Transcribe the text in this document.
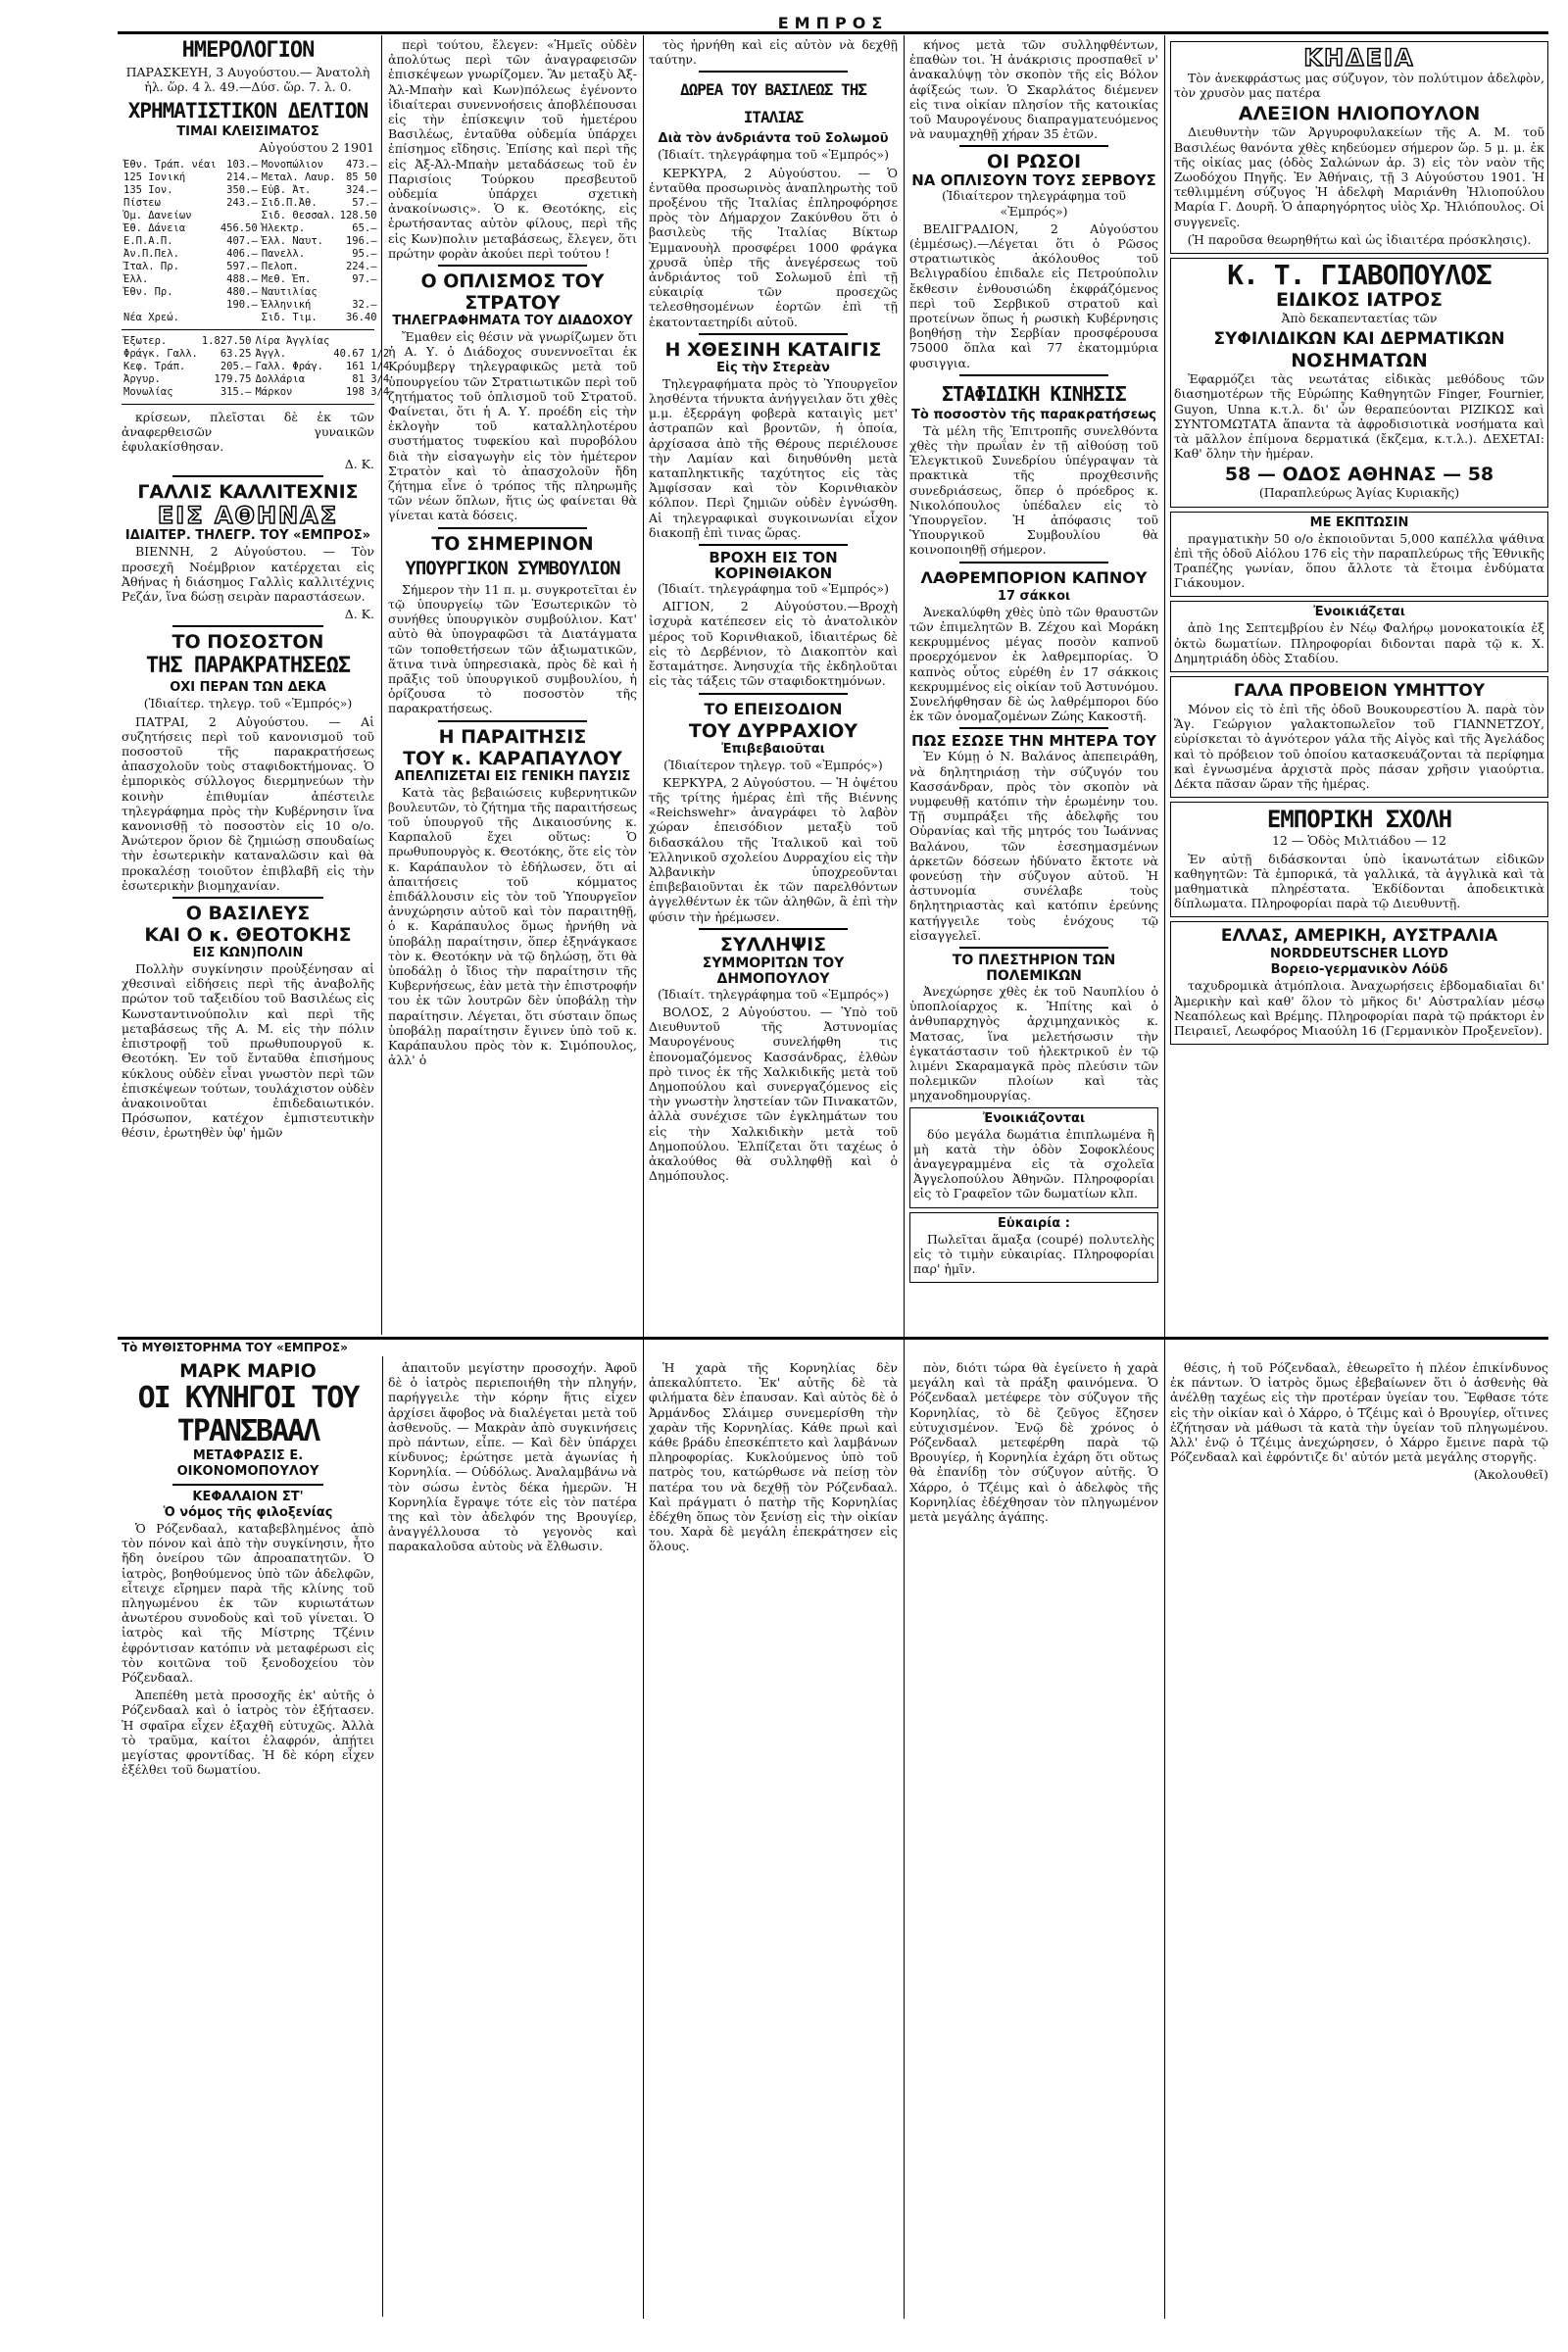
ΕΜΠΡΟΣ
ΗΜΕΡΟΛΟΓΙΟΝ

ΠΑΡΑΣΚΕΥΗ, 3 Αυγούστου.— Ἀνατολὴ ἡλ. ὥρ. 4 λ. 49.—Δύσ. ὥρ. 7. λ. 0.

ΧΡΗΜΑΤΙΣΤΙΚΟΝ ΔΕΛΤΙΟΝ
ΤΙΜΑΙ ΚΛΕΙΣΙΜΑΤΟΣ

Αὐγούστου 2 1901

Ἐθν. Τράπ. νέαι	103.—	Μονοπώλιον	473.—
125 Ιονική	214.—	Μεταλ. Λαυρ.	85 50
135 Ιον.	350.—	Εὐβ. Ἀτ.	324.—
Πίστεω	243.—	Σιδ.Π.Ἀθ.	57.—
Ὁμ. Δανείων		Σιδ. Θεσσαλ.	128.50
Ἐθ. Δάνεια	456.50	Ἠλεκτρ.	65.—
Ε.Π.Α.Π.	407.—	Ἐλλ. Ναυτ.	196.—
Ἀν.Π.Πελ.	406.—	Πανελλ.	95.—
Ἰταλ. Πρ.	597.—	Πελοπ.	224.—
Ἐλλ.	488.—	Μεθ. Ἐπ.	97.—
Ἐθν. Πρ.	480.—	Ναυτιλίας	
	190.—	Ἐλληνική	32.—
Νέα Χρεώ.		Σιδ. Τιμ.	36.40
Ἐξωτερ.	1.827.50	Λίρα Ἀγγλίας	
Φράγκ. Γαλλ.	63.25	Ἀγγλ.	40.67 1/2
Κεφ. Τράπ.	205.—	Γαλλ. Φράγ.	161 1/4
Ἀργυρ.	179.75	Δολλάρια	81 3/4
Μονωλίας	315.—	Μάρκον	198 3/4

κρίσεων, πλεῖσται δὲ ἐκ τῶν ἀναφερθεισῶν γυναικῶν ἐφυλακίσθησαν.

Δ. Κ.

ΓΑΛΛΙΣ ΚΑΛΛΙΤΕΧΝΙΣ
ΕΙΣ ΑΘΗΝΑΣ
ΙΔΙΑΙΤΕΡ. ΤΗΛΕΓΡ. ΤΟΥ «ΕΜΠΡΟΣ»

ΒΙΕΝΝΗ, 2 Αὐγούστου. — Τὸν προσεχῆ Νοέμβριον κατέρχεται εἰς Ἀθήνας ἡ διάσημος Γαλλὶς καλλιτέχνις Ρεζάν, ἵνα δώσῃ σειρὰν παραστάσεων.

Δ. Κ.

ΤΟ ΠΟΣΟΣΤΟΝ
ΤΗΣ ΠΑΡΑΚΡΑΤΗΣΕΩΣ
ΟΧΙ ΠΕΡΑΝ ΤΩΝ ΔΕΚΑ

(Ἰδιαίτερ. τηλεγρ. τοῦ «Ἐμπρός»)

ΠΑΤΡΑΙ, 2 Αὐγούστου. — Αἱ συζητήσεις περὶ τοῦ κανονισμοῦ τοῦ ποσοστοῦ τῆς παρακρατήσεως ἀπασχολοῦν τοὺς σταφιδοκτήμονας. Ὁ ἐμπορικὸς σύλλογος διερμηνεύων τὴν κοινὴν ἐπιθυμίαν ἀπέστειλε τηλεγράφημα πρὸς τὴν Κυβέρνησιν ἵνα κανονισθῇ τὸ ποσοστὸν εἰς 10 ο/ο. Ἀνώτερον ὅριον δὲ ζημιώσῃ σπουδαίως τὴν ἐσωτερικὴν καταναλῶσιν καὶ θὰ προκαλέσῃ τοιοῦτον ἐπιβλαβῆ εἰς τὴν ἐσωτερικὴν βιομηχανίαν.

Ο ΒΑΣΙΛΕΥΣ
ΚΑΙ Ο κ. ΘΕΟΤΟΚΗΣ
ΕΙΣ ΚΩΝ)ΠΟΛΙΝ

Πολλὴν συγκίνησιν προὐξένησαν αἱ χθεσιναὶ εἰδήσεις περὶ τῆς ἀναβολῆς πρώτον τοῦ ταξειδίου τοῦ Βασιλέως εἰς Κωνσταντινούπολιν καὶ περὶ τῆς μεταβάσεως τῆς Α. Μ. εἰς τὴν πόλιν ἐπιστροφῇ τοῦ πρωθυπουργοῦ κ. Θεοτόκη. Ἐν τοῦ ἔνταῦθα ἐπισήμους κύκλους οὐδὲν εἶναι γνωστὸν περὶ τῶν ἐπισκέψεων τούτων, τουλάχιστον οὐδὲν ἀνακοινοῦται ἐπιδεδαιωτικόν. Πρόσωπον, κατέχον ἐμπιστευτικὴν θέσιν, ἐρωτηθὲν ὑφ' ἡμῶν

περὶ τούτου, ἔλεγεν: «Ἡμεῖς οὐδὲν ἀπολύτως περὶ τῶν ἀναγραφεισῶν ἐπισκέψεων γνωρίζομεν. Ἂν μεταξὺ Ἀξ-Ἀλ-Μπαὴν καὶ Κων)πόλεως ἐγένοντο ἰδιαίτεραι συνεννοήσεις ἀποβλέπουσαι εἰς τὴν ἐπίσκεψιν τοῦ ἡμετέρου Βασιλέως, ἐνταῦθα οὐδεμία ὑπάρχει ἐπίσημος εἴδησις. Ἐπίσης καὶ περὶ τῆς εἰς Ἀξ-Ἀλ-Μπαὴν μεταδάσεως τοῦ ἐν Παρισίοις Τούρκου πρεσβευτοῦ οὐδεμία ὑπάρχει σχετικὴ ἀνακοίνωσις». Ὁ κ. Θεοτόκης, εἰς ἐρωτήσαντας αὐτὸν φίλους, περὶ τῆς εἰς Κων)πολιν μεταβάσεως, ἔλεγεν, ὅτι πρώτην φορὰν ἀκούει περὶ τούτου !

Ο ΟΠΛΙΣΜΟΣ ΤΟΥ ΣΤΡΑΤΟΥ
ΤΗΛΕΓΡΑΦΗΜΑΤΑ ΤΟΥ ΔΙΑΔΟΧΟΥ

Ἔμαθεν εἰς θέσιν νὰ γνωρίζωμεν ὅτι ἡ Α. Υ. ὁ Διάδοχος συνεννοεῖται ἐκ Κρόυμβεργ τηλεγραφικῶς μετὰ τοῦ ὑπουργείου τῶν Στρατιωτικῶν περὶ τοῦ ζητήματος τοῦ ὁπλισμοῦ τοῦ Στρατοῦ. Φαίνεται, ὅτι ἡ Α. Υ. προέδη εἰς τὴν ἐκλογὴν τοῦ καταλληλοτέρου συστήματος τυφεκίου καὶ πυροβόλου διὰ τὴν εἰσαγωγὴν εἰς τὸν ἡμέτερον Στρατὸν καὶ τὸ ἀπασχολοῦν ἤδη ζήτημα εἶνε ὁ τρόπος τῆς πληρωμῆς τῶν νέων ὅπλων, ἥτις ὡς φαίνεται θὰ γίνεται κατὰ δόσεις.

ΤΟ ΣΗΜΕΡΙΝΟΝ
ΥΠΟΥΡΓΙΚΟΝ ΣΥΜΒΟΥΛΙΟΝ

Σήμερον τὴν 11 π. μ. συγκροτεῖται ἐν τῷ ὑπουργείῳ τῶν Ἐσωτερικῶν τὸ συνήθες ὑπουργικὸν συμβούλιον. Κατ' αὐτὸ θὰ ὑπογραφῶσι τὰ Διατάγματα τῶν τοποθετήσεων τῶν ἀξιωματικῶν, ἅτινα τινὰ ὑπηρεσιακὰ, πρὸς δὲ καὶ ἡ πρᾶξις τοῦ ὑπουργικοῦ συμβουλίου, ἡ ὁρίζουσα τὸ ποσοστὸν τῆς παρακρατήσεως.

Η ΠΑΡΑΙΤΗΣΙΣ
ΤΟΥ κ. ΚΑΡΑΠΑΥΛΟΥ
ΑΠΕΛΠΙΖΕΤΑΙ ΕΙΣ ΓΕΝΙΚΗ ΠΑΥΣΙΣ

Κατὰ τὰς βεβαιώσεις κυβερνητικῶν βουλευτῶν, τὸ ζήτημα τῆς παραιτήσεως τοῦ ὑπουργοῦ τῆς Δικαιοσύνης κ. Καρπαλοῦ ἔχει οὕτως: Ὁ πρωθυπουργὸς κ. Θεοτόκης, ὅτε εἰς τὸν κ. Καράπαυλον τὸ ἐδήλωσεν, ὅτι αἱ ἀπαιτήσεις τοῦ κόμματος ἐπιδάλλουσιν εἰς τὸν τοῦ Ὑπουργεῖον ἀνυχώρησιν αὐτοῦ καὶ τὸν παραιτηθῇ, ὁ κ. Καράπαυλος ὅμως ἠρνήθη νὰ ὑποβάλῃ παραίτησιν, ὅπερ ἐξηνάγκασε τὸν κ. Θεοτόκην νὰ τῷ δηλώσῃ, ὅτι θὰ ὑποδάλῃ ὁ ἴδιος τὴν παραίτησιν τῆς Κυβερνήσεως, ἐὰν μετὰ τὴν ἐπιστροφήν του ἐκ τῶν λουτρῶν δὲν ὑποβάλῃ τὴν παραίτησιν. Λέγεται, ὅτι σύσταιν ὅπως ὑποβάλῃ παραίτησιν ἔγινεν ὑπὸ τοῦ κ. Καράπαυλου πρὸς τὸν κ. Σιμόπουλος, ἀλλ' ὁ

τὸς ἠρνήθη καὶ εἰς αὐτὸν νὰ δεχθῇ ταύτην.

ΔΩΡΕΑ ΤΟΥ ΒΑΣΙΛΕΩΣ ΤΗΣ ΙΤΑΛΙΑΣ
Διὰ τὸν ἀνδριάντα τοῦ Σολωμοῦ

(Ἰδιαίτ. τηλεγράφημα τοῦ «Ἐμπρός»)

ΚΕΡΚΥΡΑ, 2 Αὐγούστου. — Ὁ ἐνταῦθα προσωρινὸς ἀναπληρωτὴς τοῦ προξένου τῆς Ἰταλίας ἐπληροφόρησε πρὸς τὸν Δήμαρχον Ζακύνθου ὅτι ὁ βασιλεὺς τῆς Ἰταλίας Βίκτωρ Ἐμμανουὴλ προσφέρει 1000 φράγκα χρυσᾶ ὑπὲρ τῆς ἀνεγέρσεως τοῦ ἀνδριάντος τοῦ Σολωμοῦ ἐπὶ τῇ εὐκαιρίᾳ τῶν προσεχῶς τελεσθησομένων ἑορτῶν ἐπὶ τῇ ἑκατονταετηρίδι αὐτοῦ.

Η ΧΘΕΣΙΝΗ ΚΑΤΑΙΓΙΣ
Εἰς τὴν Στερεὰν

Τηλεγραφήματα πρὸς τὸ Ὑπουργεῖον λησθέντα τήνυκτα ἀνήγγειλαν ὅτι χθὲς μ.μ. ἐξερράγη φοβερὰ καταιγὶς μετ' ἀστραπῶν καὶ βροντῶν, ἡ ὁποία, ἀρχίσασα ἀπὸ τῆς Θέρους περιέλουσε τὴν Λαμίαν καὶ διηυθύνθη μετὰ καταπληκτικῆς ταχύτητος εἰς τὰς Ἀμφίσσαν καὶ τὸν Κορινθιακὸν κόλπον. Περὶ ζημιῶν οὐδὲν ἐγνώσθη. Αἱ τηλεγραφικαὶ συγκοινωνίαι εἶχον διακοπῇ ἐπὶ τινας ὥρας.

ΒΡΟΧΗ ΕΙΣ ΤΟΝ ΚΟΡΙΝΘΙΑΚΟΝ

(Ἰδιαίτ. τηλεγράφημα τοῦ «Ἐμπρός»)

ΑΙΓΙΟΝ, 2 Αὐγούστου.—Βροχὴ ἰσχυρὰ κατέπεσεν εἰς τὸ ἀνατολικὸν μέρος τοῦ Κορινθιακοῦ, ἰδιαιτέρως δὲ εἰς τὸ Δερβένιον, τὸ Διακοπτὸν καὶ ἔσταμάτησε. Ἀνησυχία τῆς ἐκδηλοῦται εἰς τὰς τάξεις τῶν σταφιδοκτημόνων.

ΤΟ ΕΠΕΙΣΟΔΙΟΝ
ΤΟΥ ΔΥΡΡΑΧΙΟΥ
Ἐπιβεβαιοῦται

(Ἰδιαίτερον τηλεγρ. τοῦ «Ἐμπρός»)

ΚΕΡΚΥΡΑ, 2 Αὐγούστου. — Ἡ ὀψέτου τῆς τρίτης ἡμέρας ἐπὶ τῆς Βιέννης «Reichswehr» ἀναγράφει τὸ λαβὸν χώραν ἐπεισόδιον μεταξὺ τοῦ διδασκάλου τῆς Ἰταλικοῦ καὶ τοῦ Ἑλληνικοῦ σχολείου Δυρραχίου εἰς τὴν Ἀλβανικὴν ὑποχρεοῦνται ἐπιβεβαιοῦνται ἐκ τῶν παρελθόντων ἀγγελθέντων ἐκ τῶν ἀληθῶν, ἃ ἐπὶ τὴν φύσιν τὴν ἠρέμωσεν.

ΣΥΛΛΗΨΙΣ
ΣΥΜΜΟΡΙΤΩΝ ΤΟΥ ΔΗΜΟΠΟΥΛΟΥ

(Ἰδιαίτ. τηλεγράφημα τοῦ «Ἐμπρός»)

ΒΟΛΟΣ, 2 Αὐγούστου. — Ὑπὸ τοῦ Διευθυντοῦ τῆς Ἀστυνομίας Μαυρογένους συνελήφθη τις ἐπονομαζόμενος Κασσάνδρας, ἐλθὼν πρὸ τινος ἐκ τῆς Χαλκιδικῆς μετὰ τοῦ Δημοπούλου καὶ συνεργαζόμενος εἰς τὴν γνωστὴν ληστείαν τῶν Πινακατῶν, ἀλλὰ συνέχισε τῶν ἐγκλημάτων του εἰς τὴν Χαλκιδικὴν μετὰ τοῦ Δημοπούλου. Ἐλπίζεται ὅτι ταχέως ὁ ἀκαλούθος θὰ συλληφθῇ καὶ ὁ Δημόπουλος.

κήνος μετὰ τῶν συλληφθέντων, ἐπαθὼν τοι. Ἡ ἀνάκρισις προσπαθεῖ ν' ἀνακαλύψῃ τὸν σκοπὸν τῆς εἰς Βόλον ἀφίξεώς των. Ὁ Σκαρλάτος διέμενεν εἰς τινα οἰκίαν πλησίον τῆς κατοικίας τοῦ Μαυρογένους διαπραγματευόμενος νὰ ναυμαχηθῇ χήραν 35 ἐτῶν.

ΟΙ ΡΩΣΟΙ
ΝΑ ΟΠΛΙΣΟΥΝ ΤΟΥΣ ΣΕΡΒΟΥΣ

(Ἰδιαίτερον τηλεγράφημα τοῦ «Ἐμπρός»)

ΒΕΛΙΓΡΑΔΙΟΝ, 2 Αὐγούστου (ἐμμέσως).—Λέγεται ὅτι ὁ Ρῶσος στρατιωτικὸς ἀκόλουθος τοῦ Βελιγραδίου ἐπιδαλε εἰς Πετρούπολιν ἔκθεσιν ἐνθουσιώδη ἐκφράζόμενος περὶ τοῦ Σερβικοῦ στρατοῦ καὶ προτείνων ὅπως ἡ ρωσικὴ Κυβέρνησις βοηθήσῃ τὴν Σερβίαν προσφέρουσα 75000 ὅπλα καὶ 77 ἑκατομμύρια φυσιγγια.

ΣΤΑΦΙΔΙΚΗ ΚΙΝΗΣΙΣ
Τὸ ποσοστὸν τῆς παρακρατήσεως

Τὰ μέλη τῆς Ἐπιτροπῆς συνελθόντα χθὲς τὴν πρωΐαν ἐν τῇ αἰθούσῃ τοῦ Ἐλεγκτικοῦ Συνεδρίου ὑπέγραψαν τὰ πρακτικὰ τῆς προχθεσινῆς συνεδριάσεως, ὅπερ ὁ πρόεδρος κ. Νικολόπουλος ὑπέδαλεν εἰς τὸ Ὑπουργεῖον. Ἡ ἀπόφασις τοῦ Ὑπουργικοῦ Συμβουλίου θὰ κοινοποιηθῇ σήμερον.

ΛΑΘΡΕΜΠΟΡΙΟΝ ΚΑΠΝΟΥ
17 σάκκοι

Ἀνεκαλύφθη χθὲς ὑπὸ τῶν θραυστῶν τῶν ἐπιμελητῶν Β. Ζέχου καὶ Μοράκη κεκρυμμένος μέγας ποσὸν καπνοῦ προερχόμενον ἐκ λαθρεμπορίας. Ὁ καπνὸς οὗτος εὑρέθη ἐν 17 σάκκοις κεκρυμμένος εἰς οἰκίαν τοῦ Ἀστυνόμου. Συνελήφθησαν δὲ ὡς λαθρέμποροι δύο ἐκ τῶν ὀνομαζομένων Ζώης Κακοστῆ.

ΠΩΣ ΕΣΩΣΕ ΤΗΝ ΜΗΤΕΡΑ ΤΟΥ

Ἐν Κύμῃ ὁ Ν. Βαλάνος ἀπεπειράθη, νὰ δηλητηριάσῃ τὴν σύζυγόν του Κασσάνδραν, πρὸς τὸν σκοπὸν νὰ νυμφευθῇ κατόπιν τὴν ἐρωμένην του. Τῇ συμπράξει τῆς ἀδελφῆς του Οὐρανίας καὶ τῆς μητρός του Ἰωάννας Βαλάνου, τῶν ἐσεσημασμένων ἀρκετῶν δόσεων ἠδύνατο ἔκτοτε νὰ φονεύσῃ τὴν σύζυγον αὐτοῦ. Ἡ ἀστυνομία συνέλαβε τοὺς δηλητηριαστὰς καὶ κατόπιν ἐρεύνης κατήγγειλε τοὺς ἐνόχους τῷ εἰσαγγελεῖ.

ΤΟ ΠΛΕΣΤΗΡΙΟΝ ΤΩΝ ΠΟΛΕΜΙΚΩΝ

Ἀνεχώρησε χθὲς ἐκ τοῦ Ναυπλίου ὁ ὑποπλοίαρχος κ. Ἡπίτης καὶ ὁ ἀνθυπαρχηγὸς ἀρχιμηχανικὸς κ. Ματσας, ἵνα μελετήσωσιν τὴν ἐγκατάστασιν τοῦ ἠλεκτρικοῦ ἐν τῷ λιμένι Σκαραμαγκᾶ πρὸς πλεύσιν τῶν πολεμικῶν πλοίων καὶ τὰς μηχανοδημουργίας.

Ἐνοικιάζονται

δύο μεγάλα δωμάτια ἐπιπλωμένα ἢ μὴ κατὰ τὴν ὁδὸν Σοφοκλέους ἀναγεγραμμένα εἰς τὰ σχολεῖα Ἀγγελοπούλου Ἀθηνῶν. Πληροφορίαι εἰς τὸ Γραφεῖον τῶν δωματίων κλπ.

Εὐκαιρία :

Πωλεῖται ἅμαξα (coupé) πολυτελὴς εἰς τὸ τιμὴν εὐκαιρίας. Πληροφορίαι παρ' ἡμῖν.

ΚΗΔΕΙΑ

Τὸν ἀνεκφράστως μας σύζυγον, τὸν πολύτιμον ἀδελφὸν, τὸν χρυσὸν μας πατέρα

ΑΛΕΞΙΟΝ ΗΛΙΟΠΟΥΛΟΝ

Διευθυντὴν τῶν Ἀργυροφυλακείων τῆς Α. Μ. τοῦ Βασιλέως θανόντα χθὲς κηδεύομεν σήμερον ὥρ. 5 μ. μ. ἐκ τῆς οἰκίας μας (ὁδὸς Σαλώνων ἀρ. 3) εἰς τὸν ναὸν τῆς Ζωοδόχου Πηγῆς. Ἐν Ἀθήναις, τῇ 3 Αὐγούστου 1901. Ἡ τεθλιμμένη σύζυγος Ἡ ἀδελφὴ Μαριάνθη Ἠλιοπούλου Μαρία Γ. Δουρῆ. Ὁ ἀπαρηγόρητος υἱὸς Χρ. Ἠλιόπουλος. Οἱ συγγενεῖς.

(Ἡ παροῦσα θεωρηθήτω καὶ ὡς ἰδιαιτέρα πρόσκλησις).

Κ. Τ. ΓΙΑΒΟΠΟΥΛΟΣ
ΕΙΔΙΚΟΣ ΙΑΤΡΟΣ

Ἀπὸ δεκαπενταετίας τῶν

ΣΥΦΙΛΙΔΙΚΩΝ ΚΑΙ ΔΕΡΜΑΤΙΚΩΝ
ΝΟΣΗΜΑΤΩΝ

Ἐφαρμόζει τὰς νεωτάτας εἰδικὰς μεθόδους τῶν διασημοτέρων τῆς Εὐρώπης Καθηγητῶν Finger, Fournier, Guyon, Unna κ.τ.λ. δι' ὧν θεραπεύονται ΡΙΖΙΚΩΣ καὶ ΣΥΝΤΟΜΩΤΑΤΑ ἅπαντα τὰ ἀφροδισιοτικὰ νοσήματα καὶ τὰ μᾶλλον ἐπίμονα δερματικά (ἔκζεμα, κ.τ.λ.). ΔΕΧΕΤΑΙ: Καθ' ὅλην τὴν ἡμέραν.

58 — ΟΔΟΣ ΑΘΗΝΑΣ — 58

(Παραπλεύρως Ἁγίας Κυριακῆς)

ΜΕ ΕΚΠΤΩΣΙΝ

πραγματικὴν 50 ο/ο ἐκποιοῦνται 5,000 καπέλλα ψάθινα ἐπὶ τῆς ὁδοῦ Αἰόλου 176 εἰς τὴν παραπλεύρως τῆς Ἐθνικῆς Τραπέζης γωνίαν, ὅπου ἄλλοτε τὰ ἔτοιμα ἐνδύματα Γιάκουμον.

Ἐνοικιάζεται

ἀπὸ 1ης Σεπτεμβρίου ἐν Νέῳ Φαλήρῳ μονοκατοικία ἐξ ὀκτὼ δωματίων. Πληροφορίαι διδονται παρὰ τῷ κ. Χ. Δημητριάδη ὁδὸς Σταδίου.

ΓΑΛΑ ΠΡΟΒΕΙΟΝ ΥΜΗΤΤΟΥ

Μόνον εἰς τὸ ἐπὶ τῆς ὁδοῦ Βουκουρεστίου Ἀ. παρὰ τὸν Ἅγ. Γεώργιον γαλακτοπωλεῖον τοῦ ΓΙΑΝΝΕΤΖΟΥ, εὑρίσκεται τὸ ἀγνότερον γάλα τῆς Αἰγὸς καὶ τῆς Ἀγελάδος καὶ τὸ πρόβειον τοῦ ὁποίου κατασκευάζονται τὰ περίφημα καὶ ἐγνωσμένα ἀρχιστὰ πρὸς πάσαν χρῆσιν γιαούρτια. Δέκτα πᾶσαν ὥραν τῆς ἡμέρας.

ΕΜΠΟΡΙΚΗ ΣΧΟΛΗ

12 — Ὁδὸς Μιλτιάδου — 12

Ἐν αὐτῇ διδάσκονται ὑπὸ ἱκανωτάτων εἰδικῶν καθηγητῶν: Τὰ ἐμπορικά, τὰ γαλλικά, τὰ ἀγγλικὰ καὶ τὰ μαθηματικὰ πληρέστατα. Ἐκδίδονται ἀποδεικτικὰ δίπλωματα. Πληροφορίαι παρὰ τῷ Διευθυντῇ.

ΕΛΛΑΣ, ΑΜΕΡΙΚΗ, ΑΥΣΤΡΑΛΙΑ
NORDDEUTSCHER LLOYD
Βορειο-γερμανικὸν Λόϋδ

ταχυδρομικὰ ἀτμόπλοια. Ἀναχωρήσεις ἑβδομαδιαῖαι δι' Ἀμερικὴν καὶ καθ' ὅλον τὸ μῆκος δι' Αὐστραλίαν μέσῳ Νεαπόλεως καὶ Βρέμης. Πληροφορίαι παρὰ τῷ πράκτορι ἐν Πειραιεῖ, Λεωφόρος Μιαούλη 16 (Γερμανικὸν Προξενεῖον).

Τὸ ΜΥΘΙΣΤΟΡΗΜΑ ΤΟΥ «ΕΜΠΡΟΣ»
ΜΑΡΚ ΜΑΡΙΟ
ΟΙ ΚΥΝΗΓΟΙ ΤΟΥ ΤΡΑΝΣΒΑΑΛ
ΜΕΤΑΦΡΑΣΙΣ Ε. ΟΙΚΟΝΟΜΟΠΟΥΛΟΥ
ΚΕΦΑΛΑΙΟΝ ΣΤ'
Ὁ νόμος τῆς φιλοξενίας

Ὁ Ρόζενδααλ, καταβεβλημένος ἀπὸ τὸν πόνον καὶ ἀπὸ τὴν συγκίνησιν, ἦτο ἤδη ὀνείρου τῶν ἀπροαπατητῶν. Ὁ ἰατρὸς, βοηθούμενος ὑπὸ τῶν ἀδελφῶν, εἶτειχε εἴρημεν παρὰ τῆς κλίνης τοῦ πληγωμένου ἐκ τῶν κυριωτάτων ἀνωτέρου συνοδοὺς καὶ τοῦ γίνεται. Ὁ ἰατρὸς καὶ τῆς Μίστρης Τζένιν ἐφρόντισαν κατόπιν νὰ μεταφέρωσι εἰς τὸν κοιτῶνα τοῦ ξενοδοχείου τὸν Ρόζενδααλ.

Ἀπεπέθη μετὰ προσοχῆς ἐκ' αὐτῆς ὁ Ρόζενδααλ καὶ ὁ ἰατρὸς τὸν ἐξήτασεν. Ἡ σφαῖρα εἶχεν ἐξαχθῆ εὐτυχῶς. Ἀλλὰ τὸ τραῦμα, καίτοι ἐλαφρόν, ἀπῄτει μεγίστας φροντίδας. Ἡ δὲ κόρη εἶχεν ἐξέλθει τοῦ δωματίου.

ἀπαιτοῦν μεγίστην προσοχήν. Ἀφοῦ δὲ ὁ ἰατρὸς περιεποιήθη τὴν πληγήν, παρήγγειλε τὴν κόρην ἥτις εἶχεν ἀρχίσει ἄφοβος νὰ διαλέγεται μετὰ τοῦ ἀσθενοῦς. — Μακρὰν ἀπὸ συγκινήσεις πρὸ πάντων, εἶπε. — Καὶ δὲν ὑπάρχει κίνδυνος; ἐρώτησε μετὰ ἀγωνίας ἡ Κορνηλία. — Οὐδόλως. Ἀναλαμβάνω νὰ τὸν σώσω ἐντὸς δέκα ἡμερῶν. Ἡ Κορνηλία ἔγραψε τότε εἰς τὸν πατέρα της καὶ τὸν ἀδελφόν της Βρουγίερ, ἀναγγέλλουσα τὸ γεγονὸς καὶ παρακαλοῦσα αὐτοὺς νὰ ἔλθωσιν.

Ἡ χαρὰ τῆς Κορνηλίας δὲν ἀπεκαλύπτετο. Ἐκ' αὐτῆς δὲ τὰ φιλήματα δὲν ἐπαυσαν. Καὶ αὐτὸς δὲ ὁ Ἀρμάνδος Σλάιμερ συνεμερίσθη τὴν χαρὰν τῆς Κορνηλίας. Κάθε πρωὶ καὶ κάθε βράδυ ἐπεσκέπτετο καὶ λαμβάνων πληροφορίας. Κυκλούμενος ὑπὸ τοῦ πατρὸς του, κατώρθωσε νὰ πείσῃ τὸν πατέρα του νὰ δεχθῇ τὸν Ρόζενδααλ. Καὶ πράγματι ὁ πατὴρ τῆς Κορνηλίας ἐδέχθη ὅπως τὸν ξενίσῃ εἰς τὴν οἰκίαν του. Χαρὰ δὲ μεγάλη ἐπεκράτησεν εἰς ὅλους.

πὸν, διότι τώρα θὰ ἐγείνετο ἡ χαρὰ μεγάλη καὶ τὰ πράξη φαινόμενα. Ὁ Ρόζενδααλ μετέφερε τὸν σύζυγον τῆς Κορνηλίας, τὸ δὲ ζεῦγος ἔζησεν εὐτυχισμένον. Ἐνῷ δὲ χρόνος ὁ Ρόζενδααλ μετεφέρθη παρὰ τῷ Βρουγίερ, ἡ Κορνηλία ἐχάρη ὅτι οὕτως θὰ ἐπανίδῃ τὸν σύζυγον αὐτῆς. Ὁ Χάρρο, ὁ Τζέιμς καὶ ὁ ἀδελφὸς τῆς Κορνηλίας ἐδέχθησαν τὸν πληγωμένον μετὰ μεγάλης ἀγάπης.

θέσις, ἡ τοῦ Ρόζενδααλ, ἐθεωρεῖτο ἡ πλέον ἐπικίνδυνος ἐκ πάντων. Ὁ ἰατρὸς ὅμως ἐβεβαίωνεν ὅτι ὁ ἀσθενὴς θὰ ἀνέλθῃ ταχέως εἰς τὴν προτέραν ὑγείαν του. Ἔφθασε τότε εἰς τὴν οἰκίαν καὶ ὁ Χάρρο, ὁ Τζέιμς καὶ ὁ Βρουγίερ, οἵτινες ἐζήτησαν νὰ μάθωσι τὰ κατὰ τὴν ὑγείαν τοῦ πληγωμένου. Ἀλλ' ἐνῷ ὁ Τζέιμς ἀνεχώρησεν, ὁ Χάρρο ἔμεινε παρὰ τῷ Ρόζενδααλ καὶ ἐφρόντιζε δι' αὐτόν μετὰ μεγάλης στοργῆς.

(Ἀκολουθεῖ)
